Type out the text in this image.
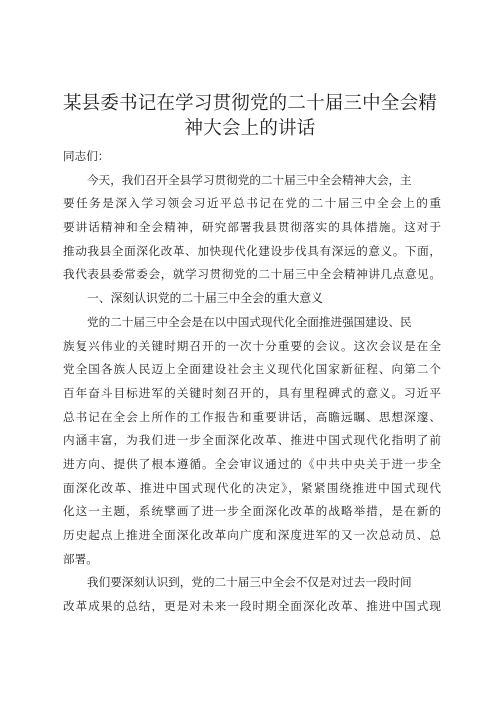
某县委书记在学习贯彻党的二十届三中全会精
神大会上的讲话
同志们：
今天，我们召开全县学习贯彻党的二十届三中全会精神大会，主
要任务是深入学习领会习近平总书记在党的二十届三中全会上的重
要讲话精神和全会精神，研究部署我县贯彻落实的具体措施。这对于
推动我县全面深化改革、加快现代化建设步伐具有深远的意义。下面，
我代表县委常委会，就学习贯彻党的二十届三中全会精神讲几点意见。
一、深刻认识党的二十届三中全会的重大意义
党的二十届三中全会是在以中国式现代化全面推进强国建设、民
族复兴伟业的关键时期召开的一次十分重要的会议。这次会议是在全
党全国各族人民迈上全面建设社会主义现代化国家新征程、向第二个
百年奋斗目标进军的关键时刻召开的，具有里程碑式的意义。习近平
总书记在全会上所作的工作报告和重要讲话，高瞻远瞩、思想深邃、
内涵丰富，为我们进一步全面深化改革、推进中国式现代化指明了前
进方向、提供了根本遵循。全会审议通过的《中共中央关于进一步全
面深化改革、推进中国式现代化的决定》，紧紧围绕推进中国式现代
化这一主题，系统擘画了进一步全面深化改革的战略举措，是在新的
历史起点上推进全面深化改革向广度和深度进军的又一次总动员、总
部署。
我们要深刻认识到，党的二十届三中全会不仅是对过去一段时间
改革成果的总结，更是对未来一段时期全面深化改革、推进中国式现
